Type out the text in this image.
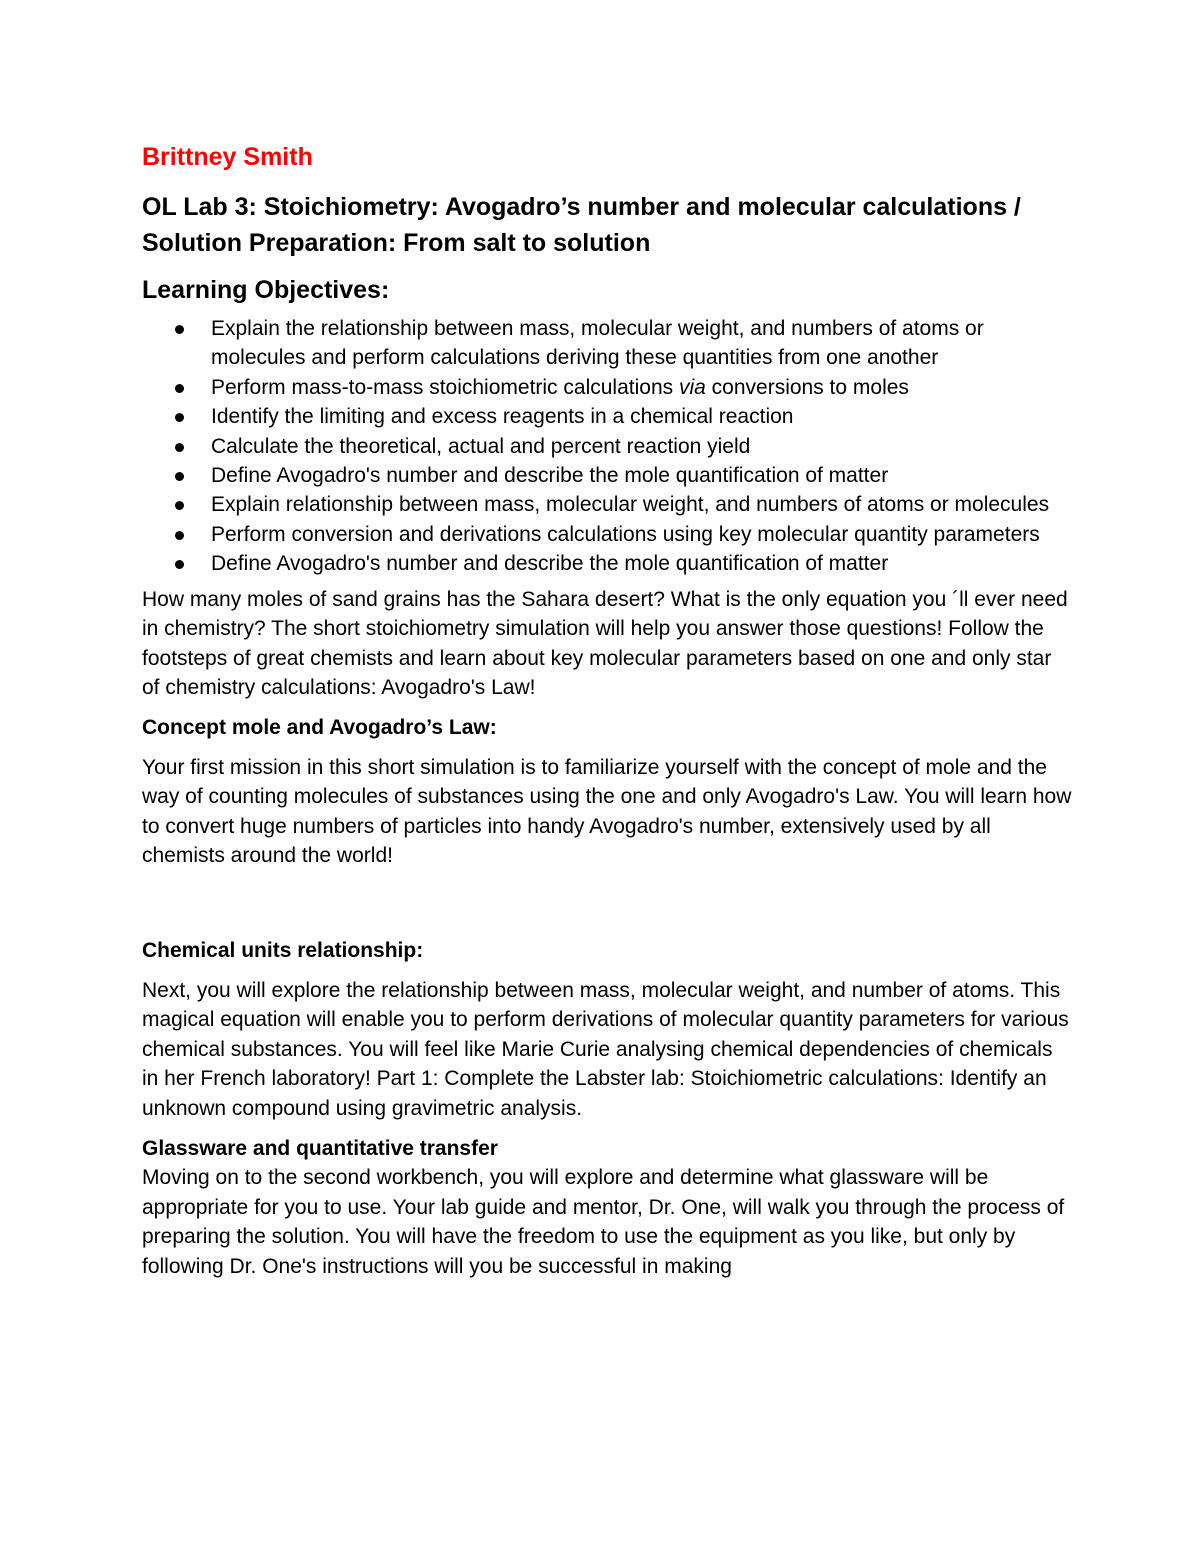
Brittney Smith
OL Lab 3: Stoichiometry: Avogadro’s number and molecular calculations / Solution Preparation: From salt to solution
Learning Objectives:
Explain the relationship between mass, molecular weight, and numbers of atoms or molecules and perform calculations deriving these quantities from one another
Perform mass-to-mass stoichiometric calculations via conversions to moles
Identify the limiting and excess reagents in a chemical reaction
Calculate the theoretical, actual and percent reaction yield
Define Avogadro's number and describe the mole quantification of matter
Explain relationship between mass, molecular weight, and numbers of atoms or molecules
Perform conversion and derivations calculations using key molecular quantity parameters
Define Avogadro's number and describe the mole quantification of matter
How many moles of sand grains has the Sahara desert? What is the only equation you ´ll ever need in chemistry? The short stoichiometry simulation will help you answer those questions! Follow the footsteps of great chemists and learn about key molecular parameters based on one and only star of chemistry calculations: Avogadro's Law!
Concept mole and Avogadro’s Law:
Your first mission in this short simulation is to familiarize yourself with the concept of mole and the way of counting molecules of substances using the one and only Avogadro's Law. You will learn how to convert huge numbers of particles into handy Avogadro's number, extensively used by all chemists around the world!
Chemical units relationship:
Next, you will explore the relationship between mass, molecular weight, and number of atoms. This magical equation will enable you to perform derivations of molecular quantity parameters for various chemical substances. You will feel like Marie Curie analysing chemical dependencies of chemicals in her French laboratory! Part 1: Complete the Labster lab: Stoichiometric calculations: Identify an unknown compound using gravimetric analysis.
Glassware and quantitative transfer
Moving on to the second workbench, you will explore and determine what glassware will be appropriate for you to use. Your lab guide and mentor, Dr. One, will walk you through the process of preparing the solution. You will have the freedom to use the equipment as you like, but only by following Dr. One's instructions will you be successful in making
